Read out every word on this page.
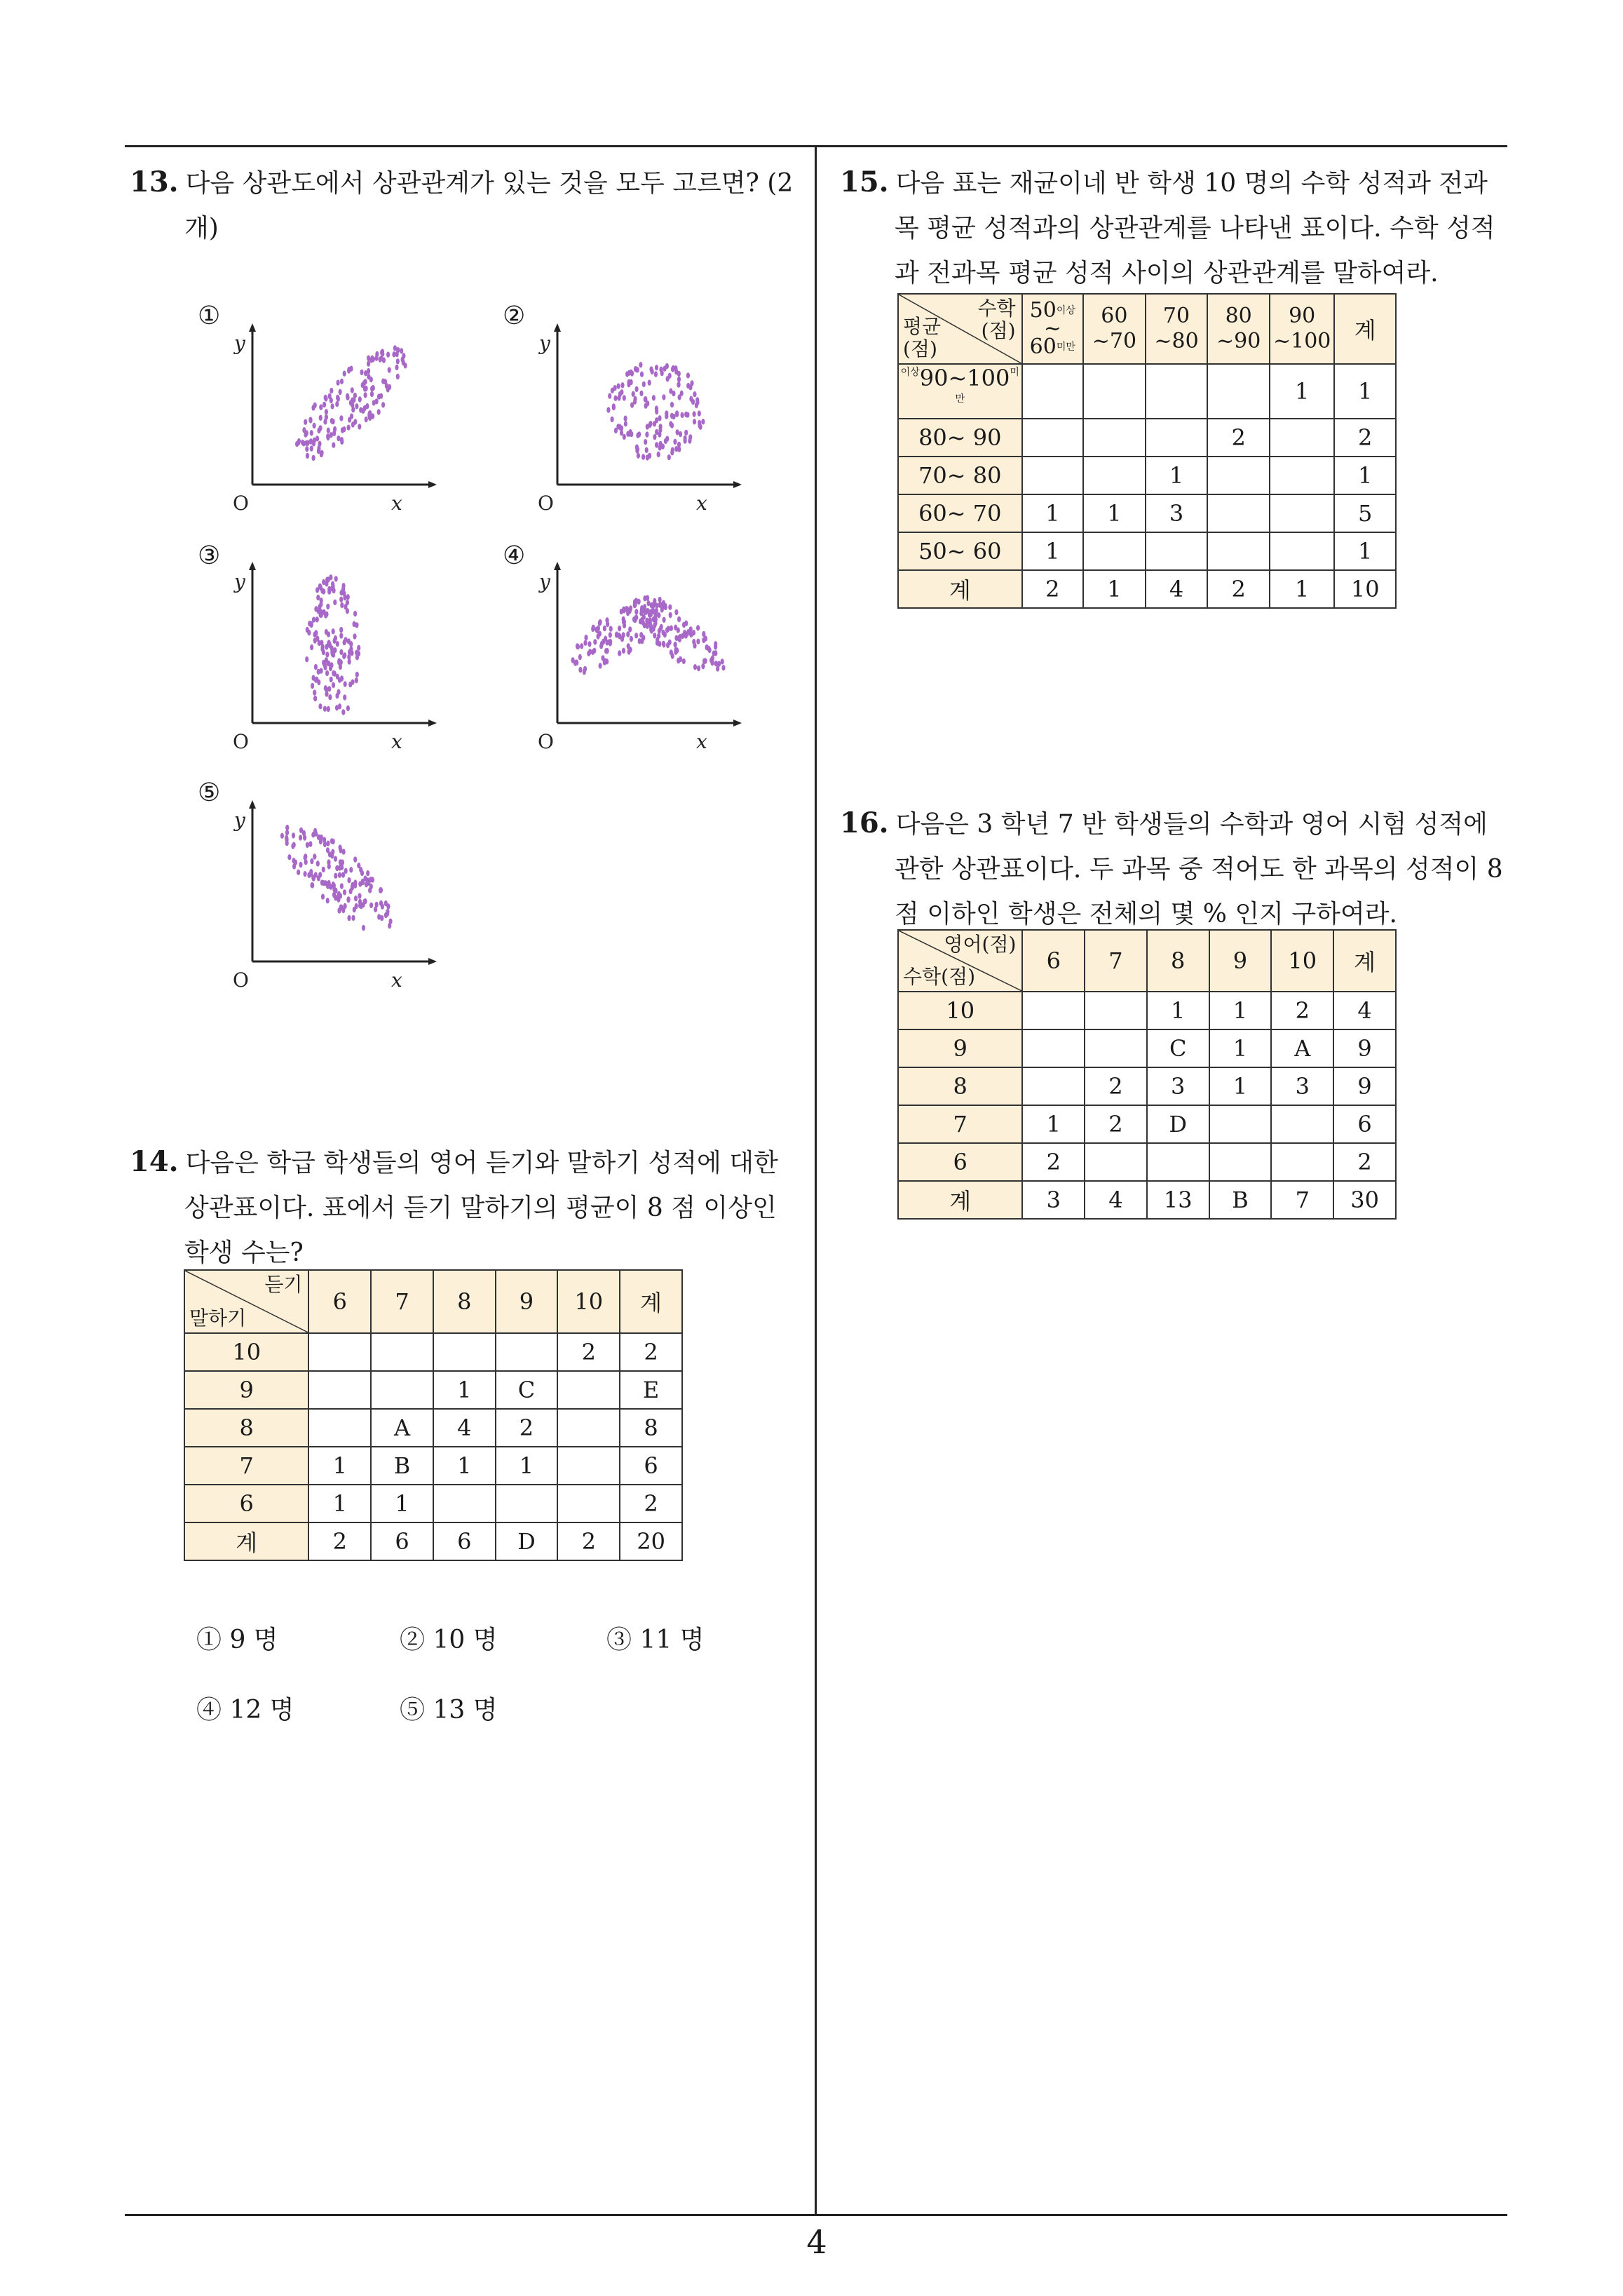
4
13. 다음 상관도에서 상관관계가 있는 것을 모두 고르면? (2개)
①	②
③	④
⑤
y
x
O
y
x
O
y
x
O
y
x
O
y
x
O
14. 다음은 학급 학생들의 영어 듣기와 말하기 성적에 대한 상관표이다. 표에서 듣기 말하기의 평균이 8 점 이상인 학생 수는?
듣기
말하기	6	7	8	9	10	계
10					2	2
9			1	C		E
8		A	4	2		8
7	1	B	1	1		6
6	1	1				2
계	2	6	6	D	2	20
① 9 명	② 10 명	③ 11 명
④ 12 명	⑤ 13 명
15. 다음 표는 재균이네 반 학생 10 명의 수학 성적과 전과목 평균 성적과의 상관관계를 나타낸 표이다. 수학 성적과 전과목 평균 성적 사이의 상관관계를 말하여라.
수학
(점)
평균
(점)	$50^{이상}$
~
$60^{미만}$	60 ~70	70 ~80	80 ~90	90 ~100	계
$^{이상}90\sim 100^{미만}$					1	1
80~ 90				2		2
70~ 80			1			1
60~ 70	1	1	3			5
50~ 60	1					1
계	2	1	4	2	1	10
16. 다음은 3 학년 7 반 학생들의 수학과 영어 시험 성적에 관한 상관표이다. 두 과목 중 적어도 한 과목의 성적이 8 점 이하인 학생은 전체의 몇 % 인지 구하여라.
영어(점)
수학(점)	6	7	8	9	10	계
10			1	1	2	4
9			C	1	A	9
8		2	3	1	3	9
7	1	2	D			6
6	2					2
계	3	4	13	B	7	30
